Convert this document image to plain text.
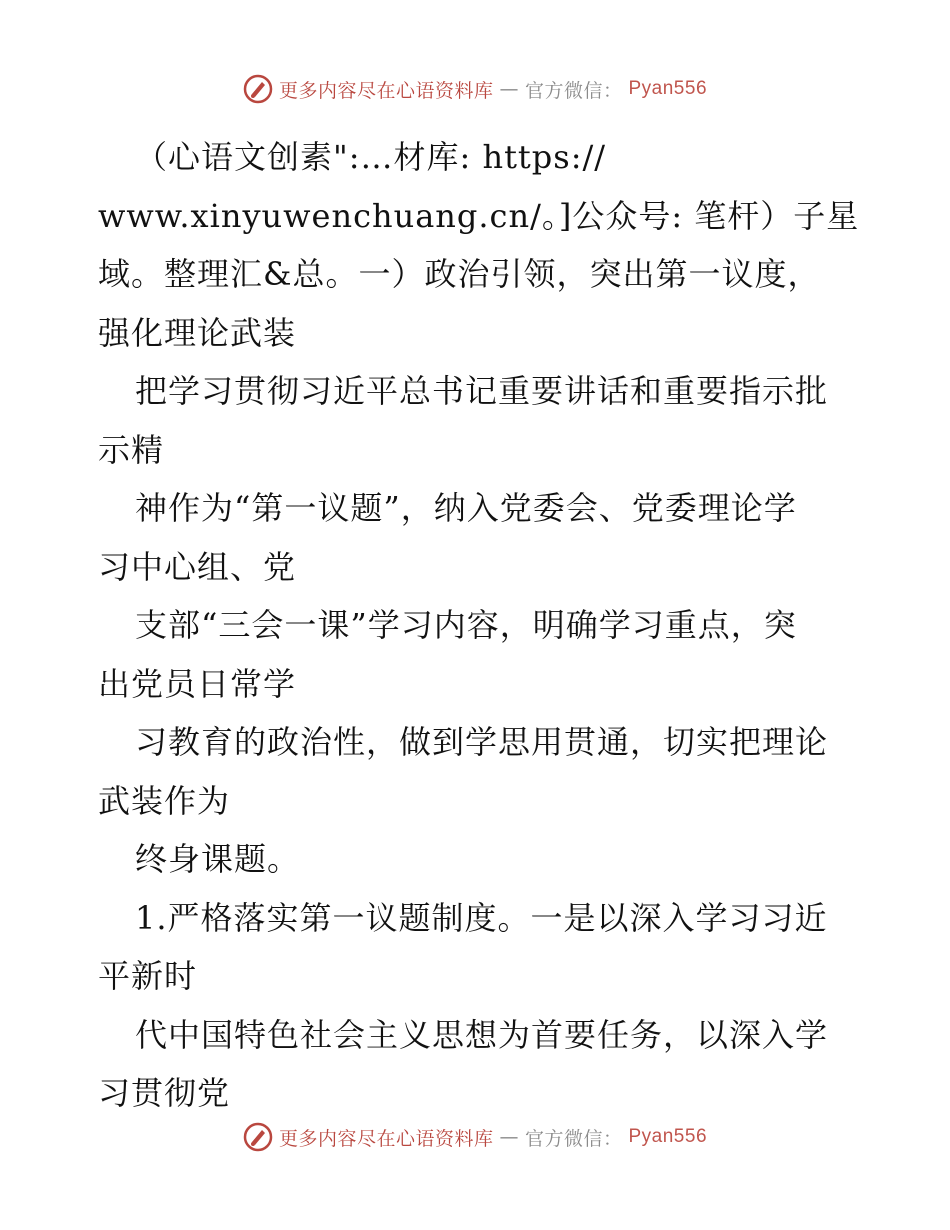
更多内容尽在心语资料库 — 官方微信： Pyan556
（心语文创素":…材库: https://
www.xinyuwenchuang.cn/。]公众号: 笔杆）子星
域。整理汇&总。一）政治引领，突出第一议度，
强化理论武装
把学习贯彻习近平总书记重要讲话和重要指示批
示精
神作为“第一议题”，纳入党委会、党委理论学
习中心组、党
支部“三会一课”学习内容，明确学习重点，突
出党员日常学
习教育的政治性，做到学思用贯通，切实把理论
武装作为
终身课题。
1.严格落实第一议题制度。一是以深入学习习近
平新时
代中国特色社会主义思想为首要任务，以深入学
习贯彻党
更多内容尽在心语资料库 — 官方微信： Pyan556
